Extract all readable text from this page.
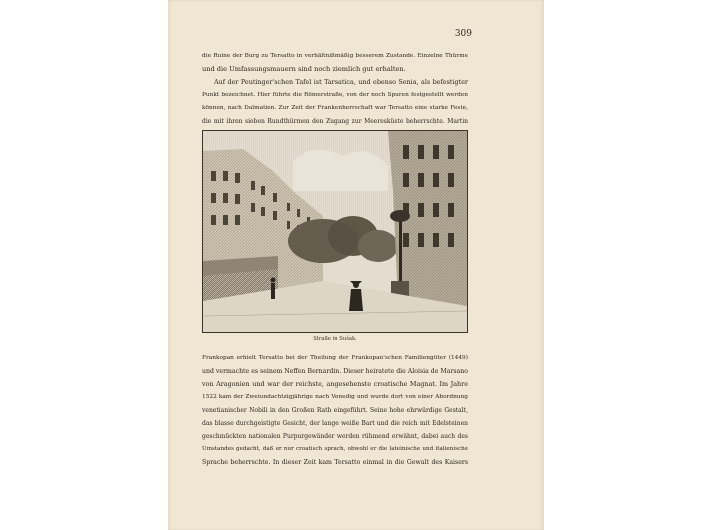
309
die Ruine der Burg zu Tersatto in verhältnißmäßig besserem Zustande. Einzelne Thürme
und die Umfassungsmauern sind noch ziemlich gut erhalten.
Auf der Peutinger'schen Tafel ist Tarsatica, und ebenso Senia, als befestigter
Punkt bezeichnet. Hier führte die Römerstraße, von der noch Spuren festgestellt werden
können, nach Dalmatien. Zur Zeit der Frankenherrschaft war Tersatto eine starke Feste,
die mit ihren sieben Rundthürmen den Zugang zur Meeresküste beherrschte. Martin
Straße in Sušak.
Frankopan erhielt Tersatto bei der Theilung der Frankopan'schen Familiengüter (1449)
und vermachte es seinem Neffen Bernardin. Dieser heiratete die Aloisia de Marsano
von Aragonien und war der reichste, angesehenste croatische Magnat. Im Jahre
1522 kam der Zweiundachtzigjährige nach Venedig und wurde dort von einer Abordnung
venetianischer Nobili in den Großen Rath eingeführt. Seine hohe ehrwürdige Gestalt,
das blasse durchgeistigte Gesicht, der lange weiße Bart und die reich mit Edelsteinen
geschmückten nationalen Purpurgewänder werden rühmend erwähnt, dabei auch des
Umstandes gedacht, daß er nur croatisch sprach, obwohl er die lateinische und italienische
Sprache beherrschte. In dieser Zeit kam Tersatto einmal in die Gewalt des Kaisers
